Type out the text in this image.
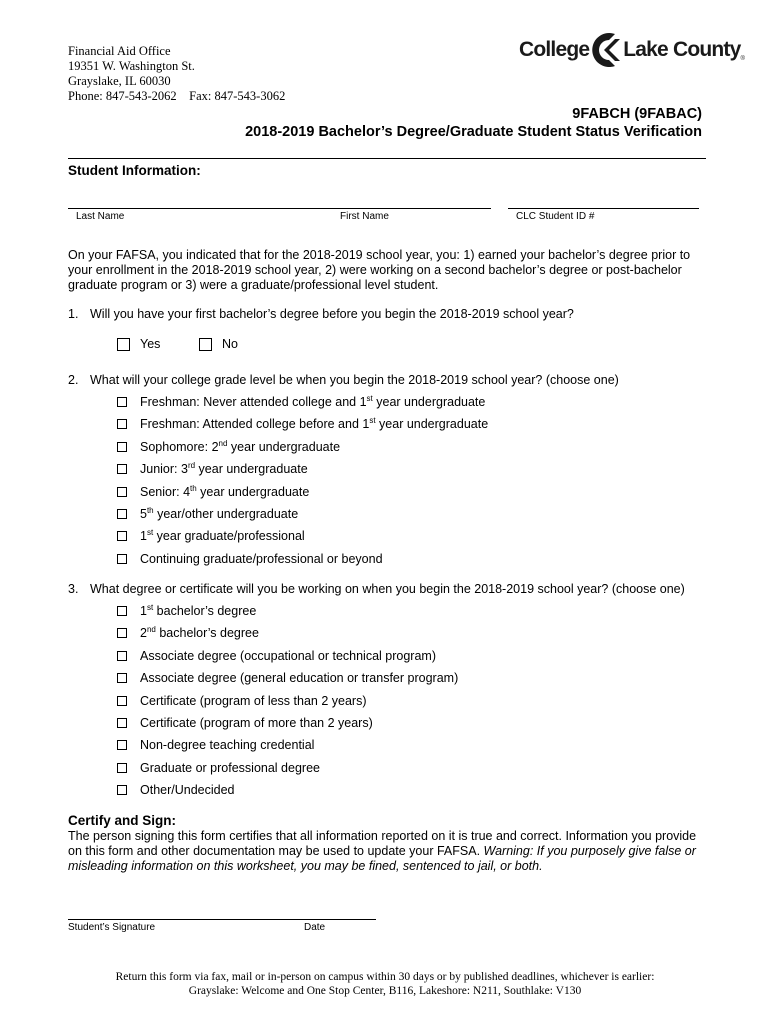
Financial Aid Office
19351 W. Washington St.
Grayslake, IL 60030
Phone: 847-543-2062    Fax: 847-543-3062
College Lake County ®
9FABCH (9FABAC)
2018-2019 Bachelor’s Degree/Graduate Student Status Verification
Student Information:
Last Name	First Name	CLC Student ID #
On your FAFSA, you indicated that for the 2018-2019 school year, you: 1) earned your bachelor’s degree prior to your enrollment in the 2018-2019 school year, 2) were working on a second bachelor’s degree or post-bachelor graduate program or 3) were a graduate/professional level student.
1. Will you have your first bachelor’s degree before you begin the 2018-2019 school year?
Yes	No
2. What will your college grade level be when you begin the 2018-2019 school year? (choose one)
Freshman: Never attended college and 1st year undergraduate
Freshman: Attended college before and 1st year undergraduate
Sophomore: 2nd year undergraduate
Junior: 3rd year undergraduate
Senior: 4th year undergraduate
5th year/other undergraduate
1st year graduate/professional
Continuing graduate/professional or beyond
3. What degree or certificate will you be working on when you begin the 2018-2019 school year? (choose one)
1st bachelor’s degree
2nd bachelor’s degree
Associate degree (occupational or technical program)
Associate degree (general education or transfer program)
Certificate (program of less than 2 years)
Certificate (program of more than 2 years)
Non-degree teaching credential
Graduate or professional degree
Other/Undecided
Certify and Sign:
The person signing this form certifies that all information reported on it is true and correct. Information you provide on this form and other documentation may be used to update your FAFSA. Warning: If you purposely give false or misleading information on this worksheet, you may be fined, sentenced to jail, or both.
Student’s Signature	Date
Return this form via fax, mail or in-person on campus within 30 days or by published deadlines, whichever is earlier:
Grayslake: Welcome and One Stop Center, B116, Lakeshore: N211, Southlake: V130
